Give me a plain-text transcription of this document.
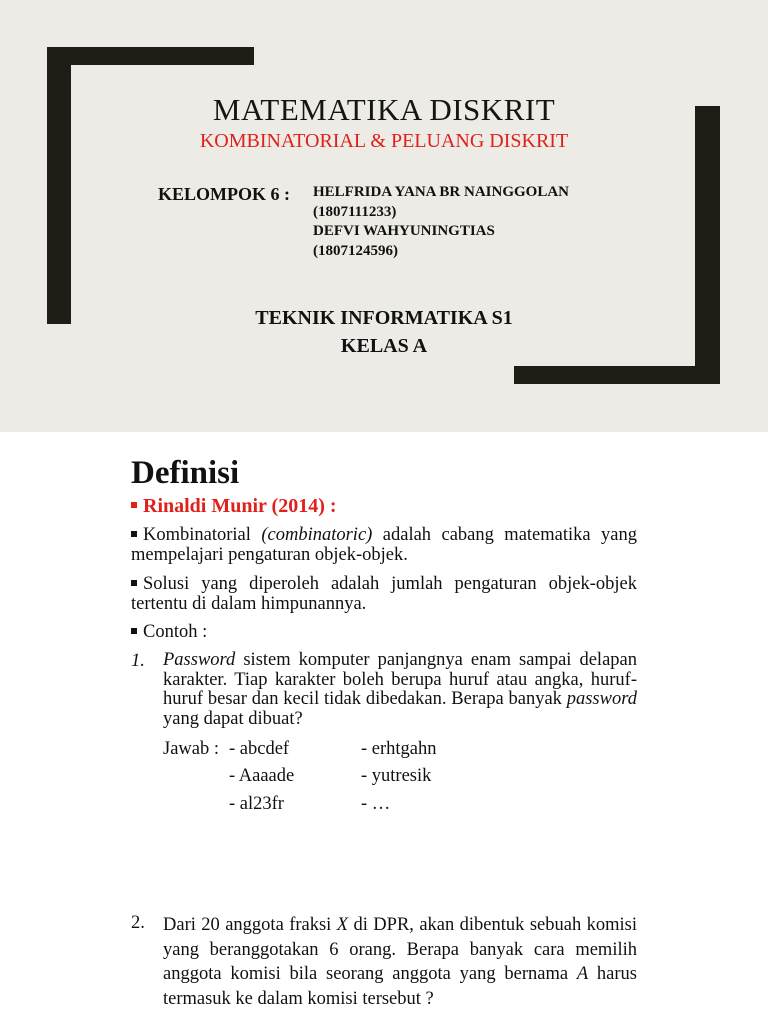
MATEMATIKA DISKRIT
KOMBINATORIAL & PELUANG DISKRIT
KELOMPOK 6 : HELFRIDA YANA BR NAINGGOLAN
(1807111233)
DEFVI WAHYUNINGTIAS
(1807124596)
TEKNIK INFORMATIKA S1
KELAS A
Definisi
Rinaldi Munir (2014) :
Kombinatorial (combinatoric) adalah cabang matematika yang mempelajari pengaturan objek-objek.
Solusi yang diperoleh adalah jumlah pengaturan objek-objek tertentu di dalam himpunannya.
Contoh :
1. Password sistem komputer panjangnya enam sampai delapan karakter. Tiap karakter boleh berupa huruf atau angka, huruf-huruf besar dan kecil tidak dibedakan. Berapa banyak password yang dapat dibuat?
Jawab : - abcdef
- Aaaade
- al23fr
- erhtgahn
- yutresik
- …
2. Dari 20 anggota fraksi X di DPR, akan dibentuk sebuah komisi yang beranggotakan 6 orang. Berapa banyak cara memilih anggota komisi bila seorang anggota yang bernama A harus termasuk ke dalam komisi tersebut ?
